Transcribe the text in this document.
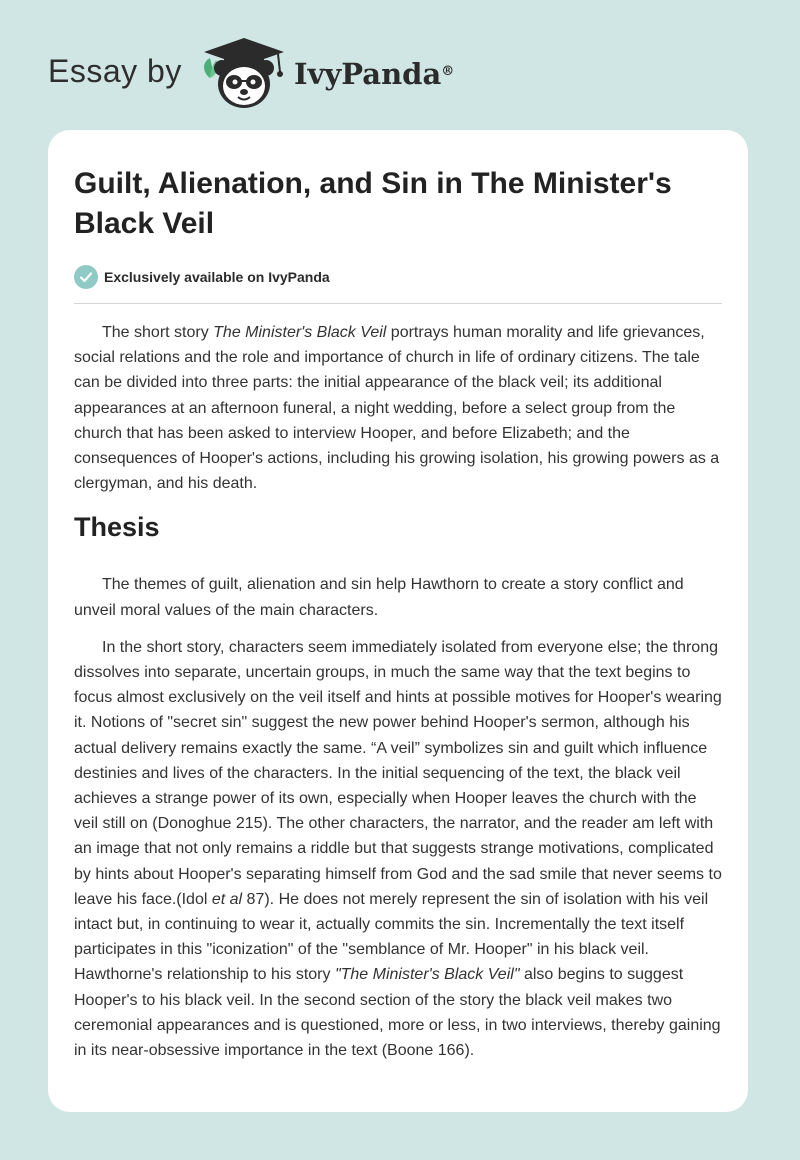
Essay by	IvyPanda®
Guilt, Alienation, and Sin in The Minister's Black Veil
Exclusively available on IvyPanda

The short story The Minister's Black Veil portrays human morality and life grievances, social relations and the role and importance of church in life of ordinary citizens. The tale can be divided into three parts: the initial appearance of the black veil; its additional appearances at an afternoon funeral, a night wedding, before a select group from the church that has been asked to interview Hooper, and before Elizabeth; and the consequences of Hooper's actions, including his growing isolation, his growing powers as a clergyman, and his death.

Thesis

The themes of guilt, alienation and sin help Hawthorn to create a story conflict and unveil moral values of the main characters.

In the short story, characters seem immediately isolated from everyone else; the throng dissolves into separate, uncertain groups, in much the same way that the text begins to focus almost exclusively on the veil itself and hints at possible motives for Hooper's wearing it. Notions of "secret sin" suggest the new power behind Hooper's sermon, although his actual delivery remains exactly the same. “A veil” symbolizes sin and guilt which influence destinies and lives of the characters. In the initial sequencing of the text, the black veil achieves a strange power of its own, especially when Hooper leaves the church with the veil still on (Donoghue 215). The other characters, the narrator, and the reader am left with an image that not only remains a riddle but that suggests strange motivations, complicated by hints about Hooper's separating himself from God and the sad smile that never seems to leave his face.(Idol et al 87). He does not merely represent the sin of isolation with his veil intact but, in continuing to wear it, actually commits the sin. Incrementally the text itself participates in this "iconization" of the "semblance of Mr. Hooper" in his black veil. Hawthorne's relationship to his story "The Minister's Black Veil" also begins to suggest Hooper's to his black veil. In the second section of the story the black veil makes two ceremonial appearances and is questioned, more or less, in two interviews, thereby gaining in its near-obsessive importance in the text (Boone 166).
